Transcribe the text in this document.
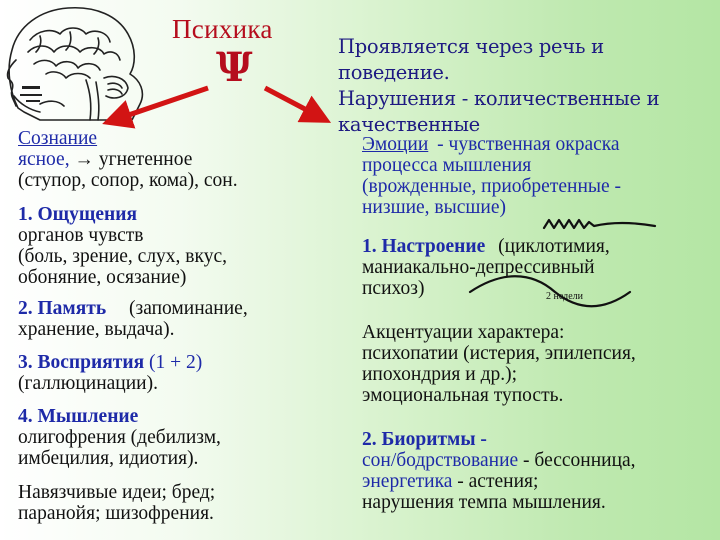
Психика
Ψ	Проявляется через речь и поведение.

Нарушения - количественные и

качественные

Сознание

ясное, → угнетенное

(ступор, сопор, кома), сон.

1. Ощущения

органов чувств

(боль, зрение, слух, вкус,

обоняние, осязание)

2. Память (запоминание,

хранение, выдача).

3. Восприятия (1 + 2)

(галлюцинации).

4. Мышление

олигофрения (дебилизм,

имбецилия, идиотия).

Навязчивые идеи; бред;

паранойя; шизофрения.

Эмоции - чувственная окраска

процесса мышления

(врожденные, приобретенные -

низшие, высшие)

1. Настроение (циклотимия,

маниакально-депрессивный

психоз)	2 недели

Акцентуации характера:

психопатии (истерия, эпилепсия,

ипохондрия и др.);

эмоциональная тупость.

2. Биоритмы -

сон/бодрствование - бессонница,

энергетика - астения;

нарушения темпа мышления.
